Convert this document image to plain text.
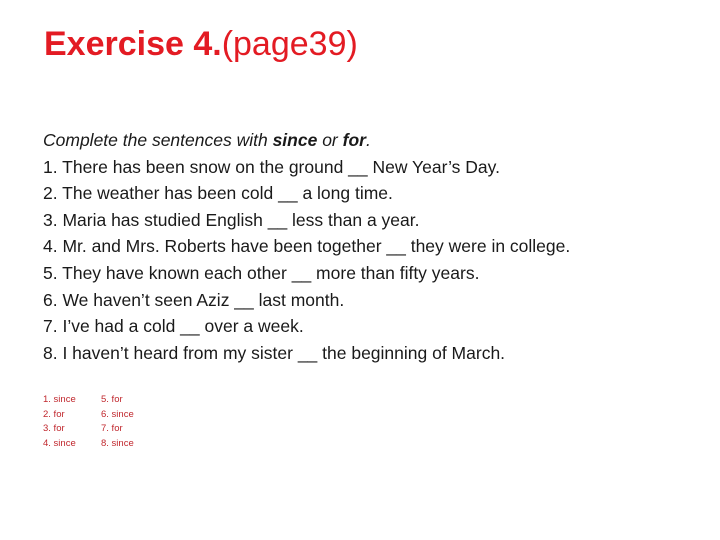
Exercise 4.(page39)
Complete the sentences with since or for.
1. There has been snow on the ground __ New Year’s Day.
2. The weather has been cold __ a long time.
3. Maria has studied English __ less than a year.
4. Mr. and Mrs. Roberts have been together __ they were in college.
5. They have known each other __ more than fifty years.
6. We haven’t seen Aziz __ last month.
7. I’ve had a cold __ over a week.
8. I haven’t heard from my sister __ the beginning of March.
1. since	5. for
2. for	6. since
3. for	7. for
4. since	8. since
